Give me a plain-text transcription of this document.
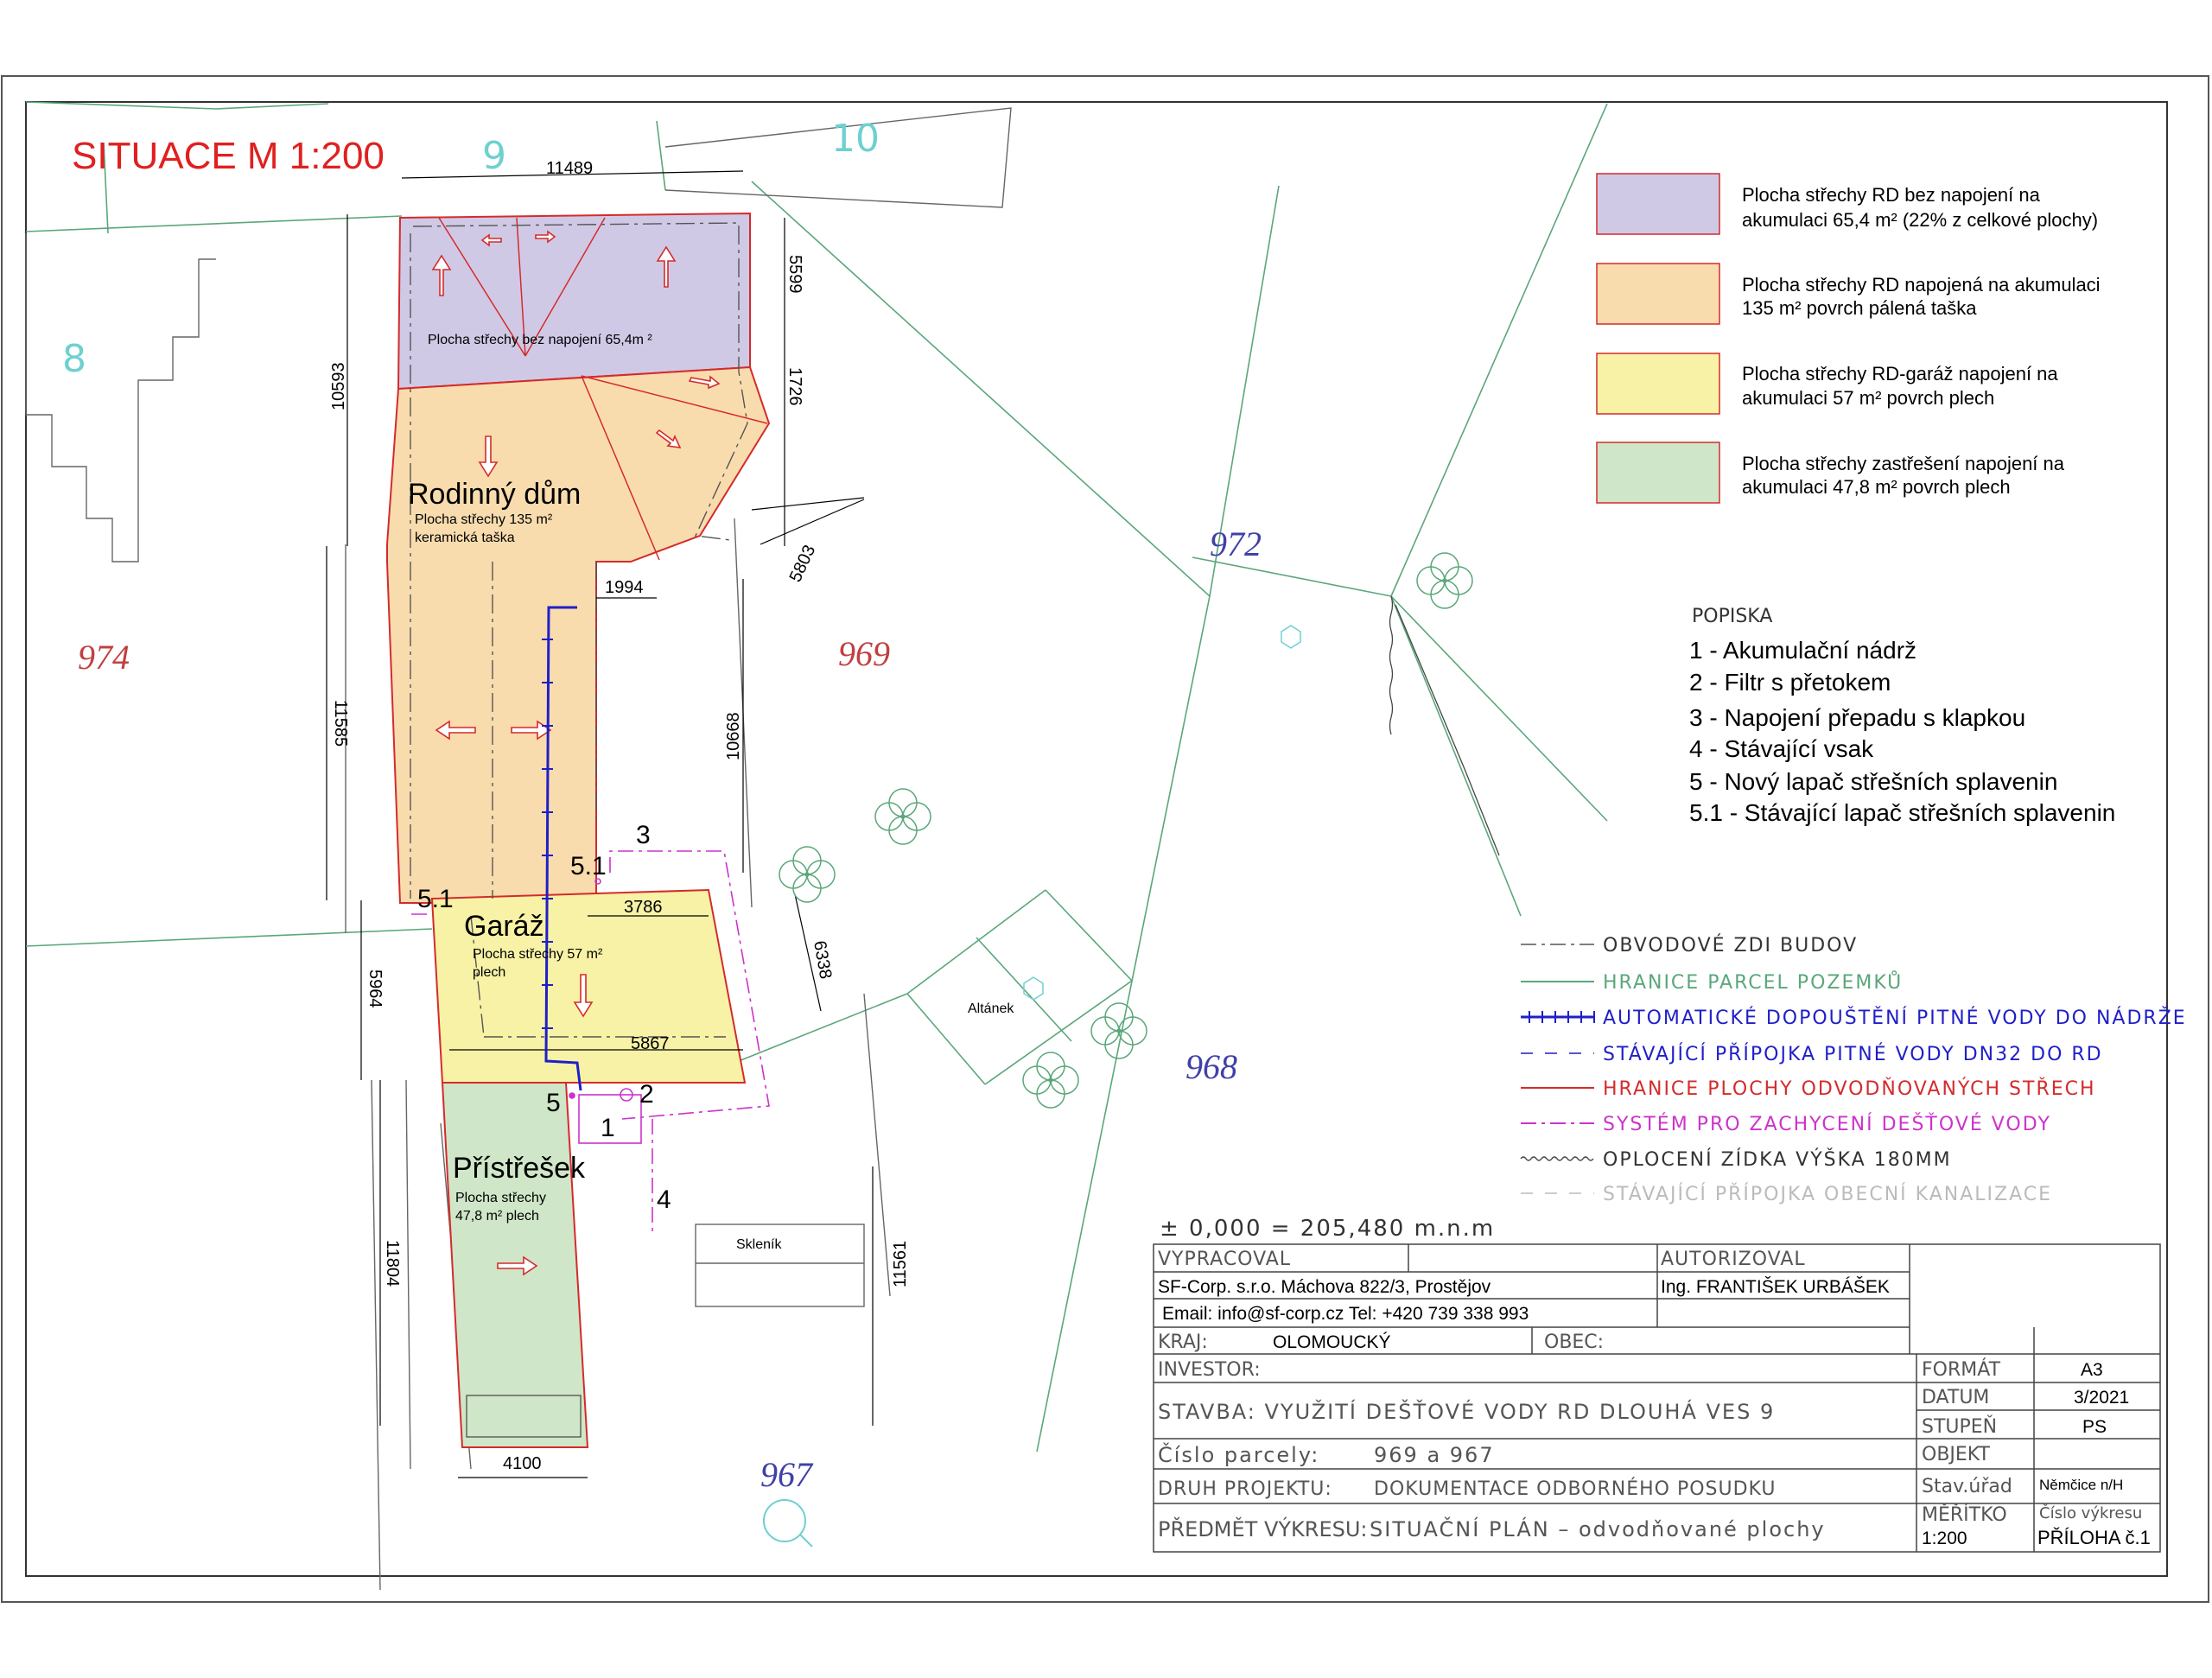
SITUACE M 1:200
974	969
972
968
967
8
9	10
Plocha střechy bez napojení 65,4m ²
Rodinný dům
Plocha střechy 135 m²
keramická taška
Garáž
Plocha střechy 57 m²
plech
Přístřešek
Plocha střechy
47,8 m² plech
Altánek
Skleník
11489
10593
5599
1726
5803
1994
11585	10668
3786
5964
6338
5867
11804	11561
4100
1
2
3
4
5
5.1
5.1
Plocha střechy RD bez napojení na
akumulaci 65,4 m² (22% z celkové plochy)
Plocha střechy RD napojená na akumulaci
135 m² povrch pálená taška
Plocha střechy RD-garáž napojení na
akumulaci 57 m² povrch plech
Plocha střechy zastřešení napojení na
akumulaci 47,8 m² povrch plech
POPISKA
1 - Akumulační nádrž
2 - Filtr s přetokem
3 - Napojení přepadu s klapkou
4 - Stávající vsak
5 - Nový lapač střešních splavenin
5.1 - Stávající lapač střešních splavenin
OBVODOVÉ ZDI BUDOV
HRANICE PARCEL POZEMKŮ
AUTOMATICKÉ DOPOUŠTĚNÍ PITNÉ VODY DO NÁDRŽE
STÁVAJÍCÍ PŘÍPOJKA PITNÉ VODY DN32 DO RD
HRANICE PLOCHY ODVODŇOVANÝCH STŘECH
SYSTÉM PRO ZACHYCENÍ DEŠŤOVÉ VODY
OPLOCENÍ ZÍDKA VÝŠKA 180MM
STÁVAJÍCÍ PŘÍPOJKA OBECNÍ KANALIZACE
± 0,000 = 205,480 m.n.m
VYPRACOVAL	AUTORIZOVAL
SF-Corp. s.r.o. Máchova 822/3, Prostějov	Ing. FRANTIŠEK URBÁŠEK
Email: info@sf-corp.cz Tel: +420 739 338 993
KRAJ:	OLOMOUCKÝ	OBEC:
INVESTOR:
STAVBA: VYUŽITÍ DEŠŤOVÉ VODY RD DLOUHÁ VES 9
Číslo parcely:	969 a 967
DRUH PROJEKTU: DOKUMENTACE ODBORNÉHO POSUDKU
PŘEDMĚT VÝKRESU: SITUAČNÍ PLÁN – odvodňované plochy
FORMÁT	A3
DATUM	3/2021
STUPEŇ	PS
OBJEKT
Stav.úřad Němčice n/H
MĚŘÍTKO
1:200
Číslo výkresu
PŘÍLOHA č.1
